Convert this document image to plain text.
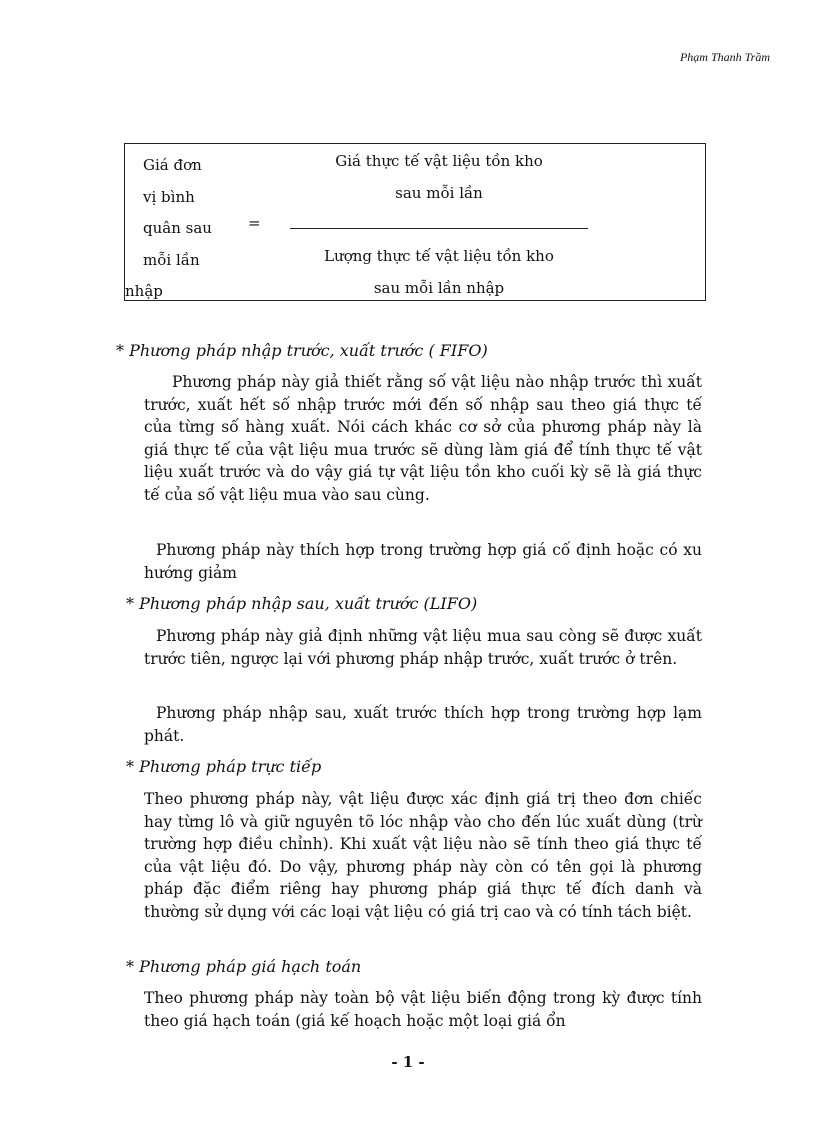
Phạm Thanh Trầm
Giá đơn
vị bình
quân sau
mỗi lần
nhập
=
Giá thực tế vật liệu tồn kho
sau mỗi lần
Lượng thực tế vật liệu tồn kho
sau mỗi lần nhập
* Phương pháp nhập trước, xuất trước ( FIFO)
Phương pháp này giả thiết rằng số vật liệu nào nhập trước thì xuất trước, xuất hết số nhập trước mới đến số nhập sau theo giá thực tế của từng số hàng xuất. Nói cách khác cơ sở của phương pháp này là giá thực tế của vật liệu mua trước sẽ dùng làm giá để tính thực tế vật liệu xuất trước và do vậy giá tự vật liệu tồn kho cuối kỳ sẽ là giá thực tế của số vật liệu mua vào sau cùng.
Phương pháp này thích hợp trong trường hợp giá cố định hoặc có xu hướng giảm
* Phương pháp nhập sau, xuất trước (LIFO)
Phương pháp này giả định những vật liệu mua sau còng sẽ được xuất trước tiên, ngược lại với phương pháp nhập trước, xuất trước ở trên.
Phương pháp nhập sau, xuất trước thích hợp trong trường hợp lạm phát.
* Phương pháp trực tiếp
Theo phương pháp này, vật liệu được xác định giá trị theo đơn chiếc hay từng lô và giữ nguyên tõ lóc nhập vào cho đến lúc xuất dùng (trừ trường hợp điều chỉnh). Khi xuất vật liệu nào sẽ tính theo giá thực tế của vật liệu đó. Do vậy, phương pháp này còn có tên gọi là phương pháp đặc điểm riêng hay phương pháp giá thực tế đích danh và thường sử dụng với các loại vật liệu có giá trị cao và có tính tách biệt.
* Phương pháp giá hạch toán
Theo phương pháp này toàn bộ vật liệu biến động trong kỳ được tính theo giá hạch toán (giá kế hoạch hoặc một loại giá ổn
- 1 -
